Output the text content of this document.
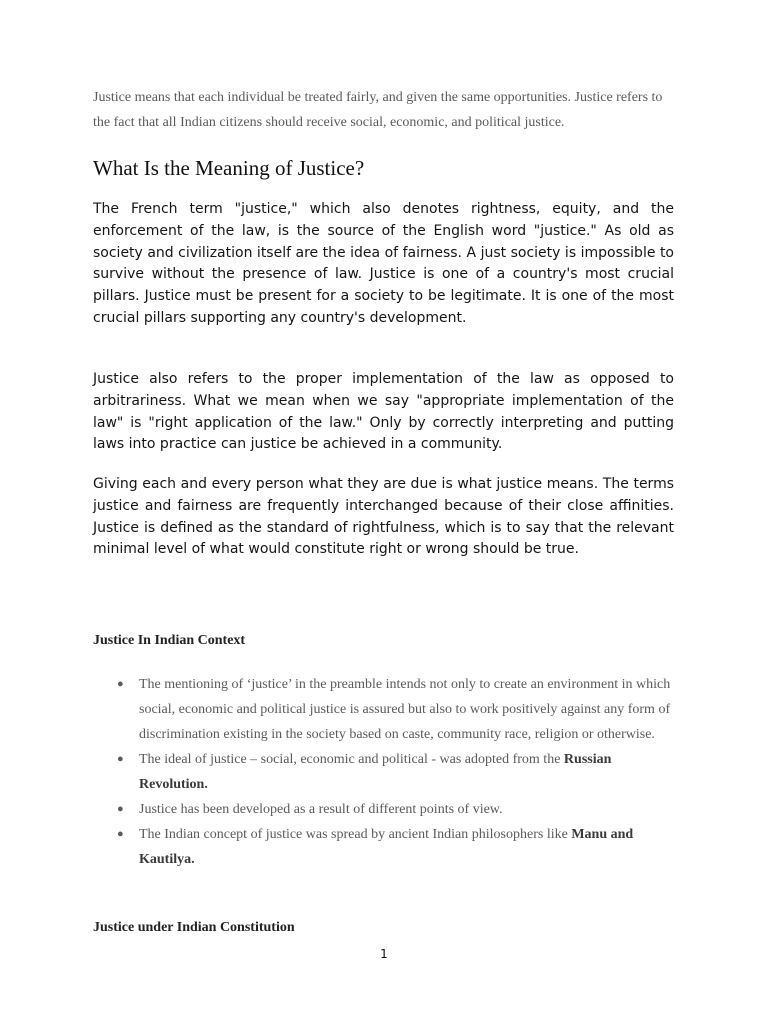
Justice means that each individual be treated fairly, and given the same opportunities. Justice refers to the fact that all Indian citizens should receive social, economic, and political justice.

What Is the Meaning of Justice?

The French term "justice," which also denotes rightness, equity, and the enforcement of the law, is the source of the English word "justice." As old as society and civilization itself are the idea of fairness. A just society is impossible to survive without the presence of law. Justice is one of a country's most crucial pillars. Justice must be present for a society to be legitimate. It is one of the most crucial pillars supporting any country's development.

Justice also refers to the proper implementation of the law as opposed to arbitrariness. What we mean when we say "appropriate implementation of the law" is "right application of the law." Only by correctly interpreting and putting laws into practice can justice be achieved in a community.

Giving each and every person what they are due is what justice means. The terms justice and fairness are frequently interchanged because of their close affinities. Justice is defined as the standard of rightfulness, which is to say that the relevant minimal level of what would constitute right or wrong should be true.

Justice In Indian Context
● The mentioning of ‘justice’ in the preamble intends not only to create an environment in which social, economic and political justice is assured but also to work positively against any form of discrimination existing in the society based on caste, community race, religion or otherwise.
● The ideal of justice – social, economic and political - was adopted from the Russian Revolution.
● Justice has been developed as a result of different points of view.
● The Indian concept of justice was spread by ancient Indian philosophers like Manu and Kautilya.
Justice under Indian Constitution
1
